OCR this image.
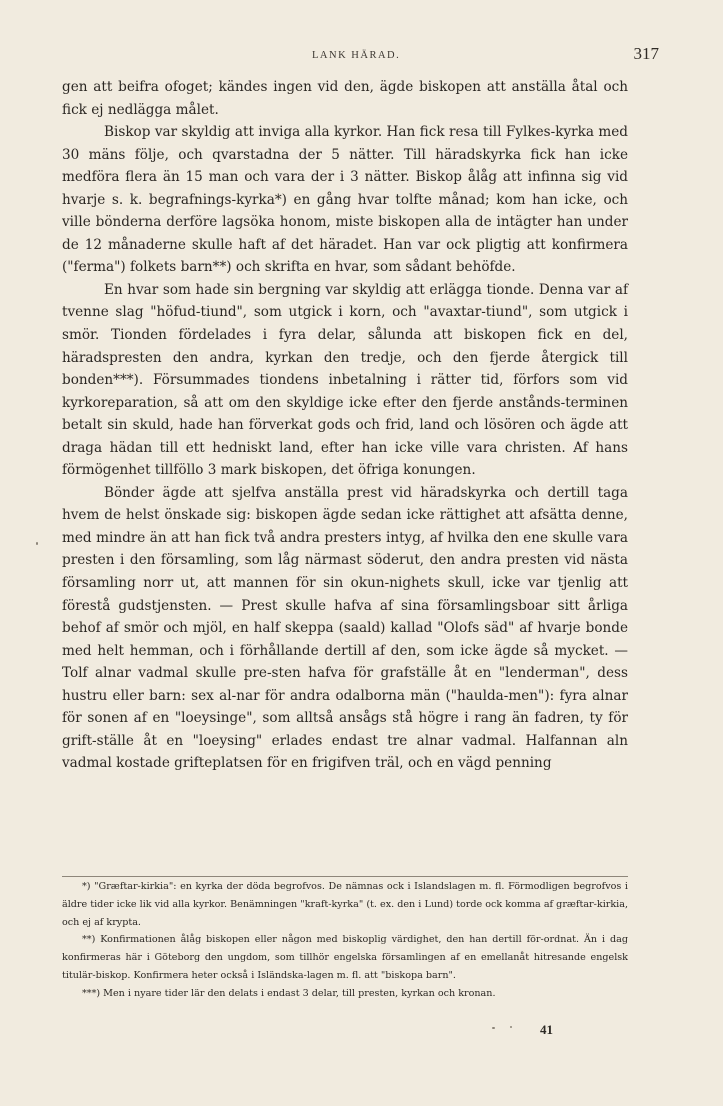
LANK HÄRAD.	317

gen att beifra ofoget; kändes ingen vid den, ägde biskopen att anställa åtal och fick ej nedlägga målet.

Biskop var skyldig att inviga alla kyrkor. Han fick resa till Fylkes-kyrka med 30 mäns följe, och qvarstadna der 5 nätter. Till häradskyrka fick han icke medföra flera än 15 man och vara der i 3 nätter. Biskop ålåg att infinna sig vid hvarje s. k. begrafnings-kyrka*) en gång hvar tolfte månad; kom han icke, och ville bönderna derföre lagsöka honom, miste biskopen alla de intägter han under de 12 månaderne skulle haft af det häradet. Han var ock pligtig att konfirmera ("ferma") folkets barn**) och skrifta en hvar, som sådant behöfde.

En hvar som hade sin bergning var skyldig att erlägga tionde. Denna var af tvenne slag "höfud-tiund", som utgick i korn, och "avaxtar-tiund", som utgick i smör. Tionden fördelades i fyra delar, sålunda att biskopen fick en del, häradspresten den andra, kyrkan den tredje, och den fjerde återgick till bonden***). Försummades tiondens inbetalning i rätter tid, förfors som vid kyrkoreparation, så att om den skyldige icke efter den fjerde anstånds-terminen betalt sin skuld, hade han förverkat gods och frid, land och lösören och ägde att draga hädan till ett hedniskt land, efter han icke ville vara christen. Af hans förmögenhet tillföllo 3 mark biskopen, det öfriga konungen.

Bönder ägde att sjelfva anställa prest vid häradskyrka och dertill taga hvem de helst önskade sig: biskopen ägde sedan icke rättighet att afsätta denne, med mindre än att han fick två andra presters intyg, af hvilka den ene skulle vara presten i den församling, som låg närmast söderut, den andra presten vid nästa församling norr ut, att mannen för sin okun-nighets skull, icke var tjenlig att förestå gudstjensten. — Prest skulle hafva af sina församlingsboar sitt årliga behof af smör och mjöl, en half skeppa (saald) kallad "Olofs säd" af hvarje bonde med helt hemman, och i förhållande dertill af den, som icke ägde så mycket. — Tolf alnar vadmal skulle pre-sten hafva för grafställe åt en "lenderman", dess hustru eller barn: sex al-nar för andra odalborna män ("haulda-men"): fyra alnar för sonen af en "loeysinge", som alltså ansågs stå högre i rang än fadren, ty för grift-ställe åt en "loeysing" erlades endast tre alnar vadmal. Halfannan aln vadmal kostade grifteplatsen för en frigifven träl, och en vägd penning

*) "Græftar-kirkia": en kyrka der döda begrofvos. De nämnas ock i Islandslagen m. fl. Förmodligen begrofvos i äldre tider icke lik vid alla kyrkor. Benämningen "kraft-kyrka" (t. ex. den i Lund) torde ock komma af græftar-kirkia, och ej af krypta.

**) Konfirmationen ålåg biskopen eller någon med biskoplig värdighet, den han dertill för-ordnat. Än i dag konfirmeras här i Göteborg den ungdom, som tillhör engelska församlingen af en emellanåt hitresande engelsk titulär-biskop. Konfirmera heter också i Isländska-lagen m. fl. att "biskopa barn".

***) Men i nyare tider lär den delats i endast 3 delar, till presten, kyrkan och kronan.

41
